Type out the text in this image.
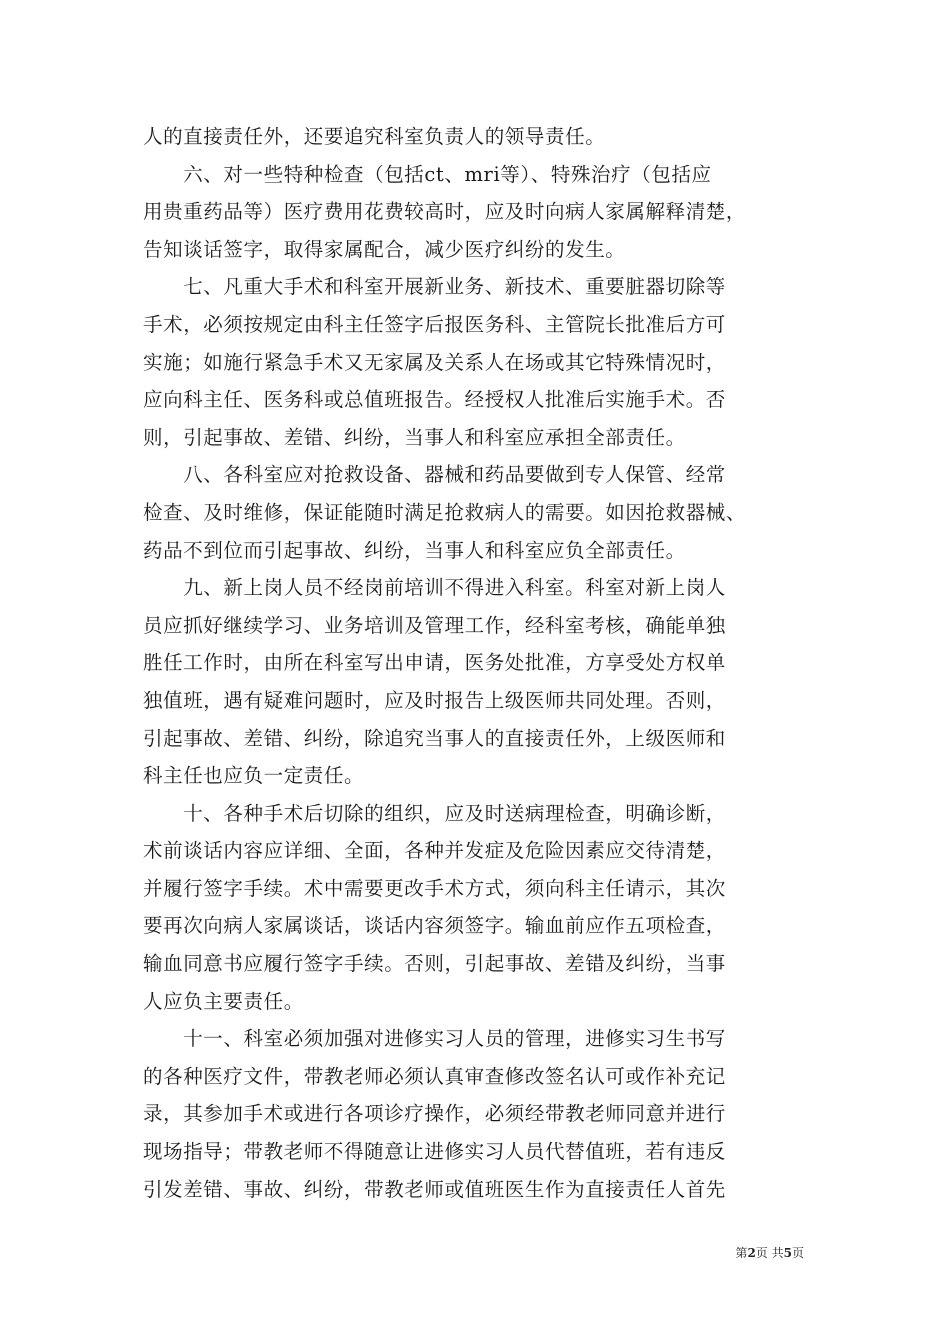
人的直接责任外，还要追究科室负责人的领导责任。

　　六、对一些特种检查（包括ct、mri等）、特殊治疗（包括应
用贵重药品等）医疗费用花费较高时，应及时向病人家属解释清楚，
告知谈话签字，取得家属配合，减少医疗纠纷的发生。

　　七、凡重大手术和科室开展新业务、新技术、重要脏器切除等
手术，必须按规定由科主任签字后报医务科、主管院长批准后方可
实施；如施行紧急手术又无家属及关系人在场或其它特殊情况时，
应向科主任、医务科或总值班报告。经授权人批准后实施手术。否
则，引起事故、差错、纠纷，当事人和科室应承担全部责任。

　　八、各科室应对抢救设备、器械和药品要做到专人保管、经常
检查、及时维修，保证能随时满足抢救病人的需要。如因抢救器械、
药品不到位而引起事故、纠纷，当事人和科室应负全部责任。

　　九、新上岗人员不经岗前培训不得进入科室。科室对新上岗人
员应抓好继续学习、业务培训及管理工作，经科室考核，确能单独
胜任工作时，由所在科室写出申请，医务处批准，方享受处方权单
独值班，遇有疑难问题时，应及时报告上级医师共同处理。否则，
引起事故、差错、纠纷，除追究当事人的直接责任外，上级医师和
科主任也应负一定责任。

　　十、各种手术后切除的组织，应及时送病理检查，明确诊断，
术前谈话内容应详细、全面，各种并发症及危险因素应交待清楚，
并履行签字手续。术中需要更改手术方式，须向科主任请示，其次
要再次向病人家属谈话，谈话内容须签字。输血前应作五项检查，
输血同意书应履行签字手续。否则，引起事故、差错及纠纷，当事
人应负主要责任。

　　十一、科室必须加强对进修实习人员的管理，进修实习生书写
的各种医疗文件，带教老师必须认真审查修改签名认可或作补充记
录，其参加手术或进行各项诊疗操作，必须经带教老师同意并进行
现场指导；带教老师不得随意让进修实习人员代替值班，若有违反
引发差错、事故、纠纷，带教老师或值班医生作为直接责任人首先

第2页 共5页
